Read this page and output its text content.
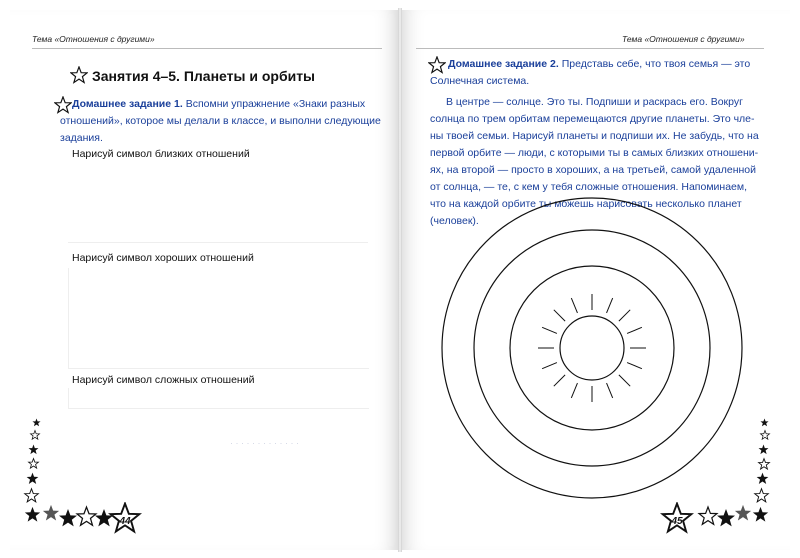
Тема «Отношения с другими»
Занятия 4–5. Планеты и орбиты
Домашнее задание 1. Вспомни упражнение «Знаки разных
отношений», которое мы делали в классе, и выполни следующие
задания.
Нарисуй символ близких отношений
Нарисуй символ хороших отношений
Нарисуй символ сложных отношений
· · · · · · · · · · · · ·
44
Тема «Отношения с другими»
Домашнее задание 2. Представь себе, что твоя семья — это
Солнечная система.
В центре — солнце. Это ты. Подпиши и раскрась его. Вокруг
солнца по трем орбитам перемещаются другие планеты. Это чле-
ны твоей семьи. Нарисуй планеты и подпиши их. Не забудь, что на
первой орбите — люди, с которыми ты в самых близких отношени-
ях, на второй — просто в хороших, а на третьей, самой удаленной
от солнца, — те, с кем у тебя сложные отношения. Напоминаем,
что на каждой орбите ты можешь нарисовать несколько планет
(человек).
45
